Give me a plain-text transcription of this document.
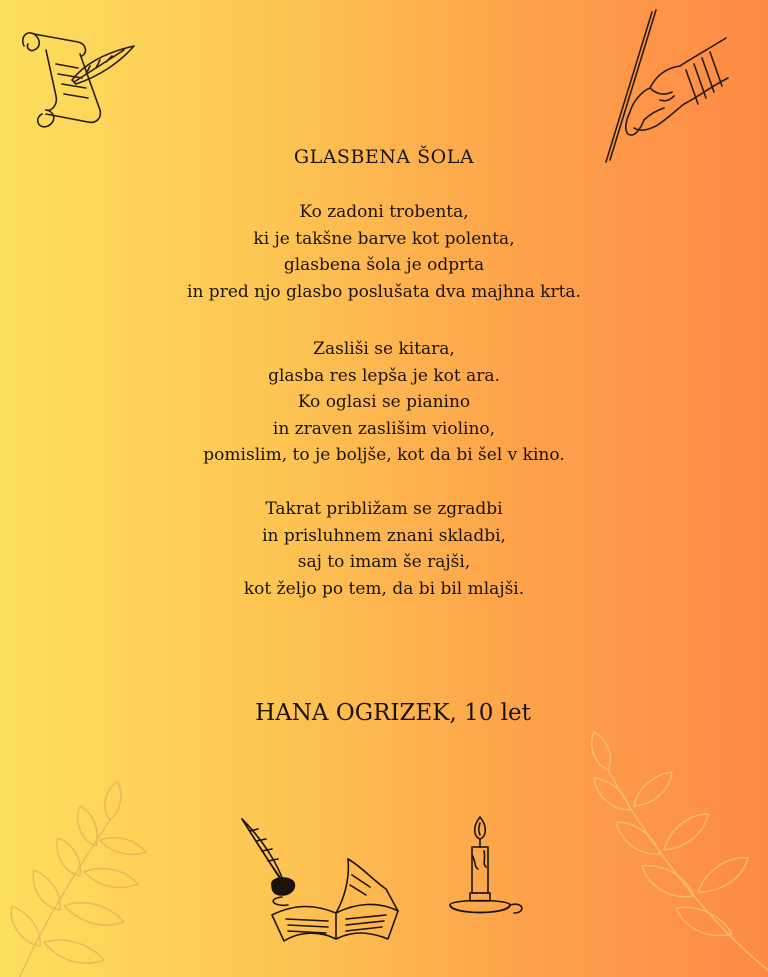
GLASBENA ŠOLA
Ko zadoni trobenta,
ki je takšne barve kot polenta,
glasbena šola je odprta
in pred njo glasbo poslušata dva majhna krta.
Zasliši se kitara,
glasba res lepša je kot ara.
Ko oglasi se pianino
in zraven zaslišim violino,
pomislim, to je boljše, kot da bi šel v kino.
Takrat približam se zgradbi
in prisluhnem znani skladbi,
saj to imam še rajši,
kot željo po tem, da bi bil mlajši.
HANA OGRIZEK, 10 let
